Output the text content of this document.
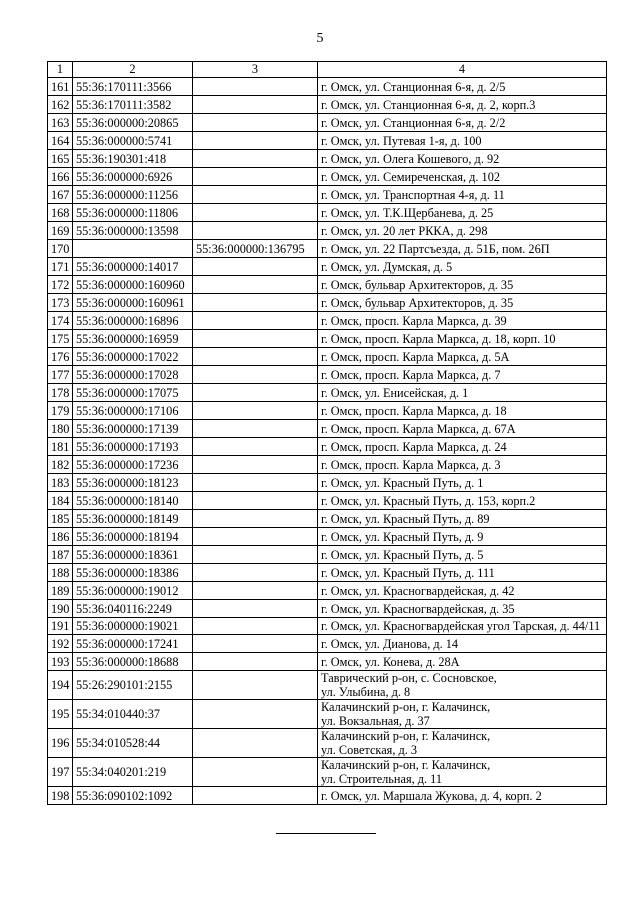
5
1	2	3	4
161	55:36:170111:3566		г. Омск, ул. Станционная 6-я, д. 2/5

162	55:36:170111:3582		г. Омск, ул. Станционная 6-я, д. 2, корп.3

163	55:36:000000:20865		г. Омск, ул. Станционная 6-я, д. 2/2

164	55:36:000000:5741		г. Омск, ул. Путевая 1-я, д. 100

165	55:36:190301:418		г. Омск, ул. Олега Кошевого, д. 92

166	55:36:000000:6926		г. Омск, ул. Семиреченская, д. 102

167	55:36:000000:11256		г. Омск, ул. Транспортная 4-я, д. 11

168	55:36:000000:11806		г. Омск, ул. Т.К.Щербанева, д. 25

169	55:36:000000:13598		г. Омск, ул. 20 лет РККА, д. 298

170		55:36:000000:136795	г. Омск, ул. 22 Партсъезда, д. 51Б, пом. 26П

171	55:36:000000:14017		г. Омск, ул. Думская, д. 5

172	55:36:000000:160960		г. Омск, бульвар Архитекторов, д. 35

173	55:36:000000:160961		г. Омск, бульвар Архитекторов, д. 35

174	55:36:000000:16896		г. Омск, просп. Карла Маркса, д. 39

175	55:36:000000:16959		г. Омск, просп. Карла Маркса, д. 18, корп. 10

176	55:36:000000:17022		г. Омск, просп. Карла Маркса, д. 5А

177	55:36:000000:17028		г. Омск, просп. Карла Маркса, д. 7

178	55:36:000000:17075		г. Омск, ул. Енисейская, д. 1

179	55:36:000000:17106		г. Омск, просп. Карла Маркса, д. 18

180	55:36:000000:17139		г. Омск, просп. Карла Маркса, д. 67А

181	55:36:000000:17193		г. Омск, просп. Карла Маркса, д. 24

182	55:36:000000:17236		г. Омск, просп. Карла Маркса, д. 3

183	55:36:000000:18123		г. Омск, ул. Красный Путь, д. 1

184	55:36:000000:18140		г. Омск, ул. Красный Путь, д. 153, корп.2

185	55:36:000000:18149		г. Омск, ул. Красный Путь, д. 89

186	55:36:000000:18194		г. Омск, ул. Красный Путь, д. 9

187	55:36:000000:18361		г. Омск, ул. Красный Путь, д. 5

188	55:36:000000:18386		г. Омск, ул. Красный Путь, д. 111

189	55:36:000000:19012		г. Омск, ул. Красногвардейская, д. 42

190	55:36:040116:2249		г. Омск, ул. Красногвардейская, д. 35

191	55:36:000000:19021		г. Омск, ул. Красногвардейская угол Тарская, д. 44/11

192	55:36:000000:17241		г. Омск, ул. Дианова, д. 14

193	55:36:000000:18688		г. Омск, ул. Конева, д. 28А

194	55:26:290101:2155		Таврический р-он, с. Сосновское,
ул. Улыбина, д. 8

195	55:34:010440:37		Калачинский р-он, г. Калачинск,
ул. Вокзальная, д. 37

196	55:34:010528:44		Калачинский р-он, г. Калачинск,
ул. Советская, д. 3

197	55:34:040201:219		Калачинский р-он, г. Калачинск,
ул. Строительная, д. 11

198	55:36:090102:1092		г. Омск, ул. Маршала Жукова, д. 4, корп. 2
